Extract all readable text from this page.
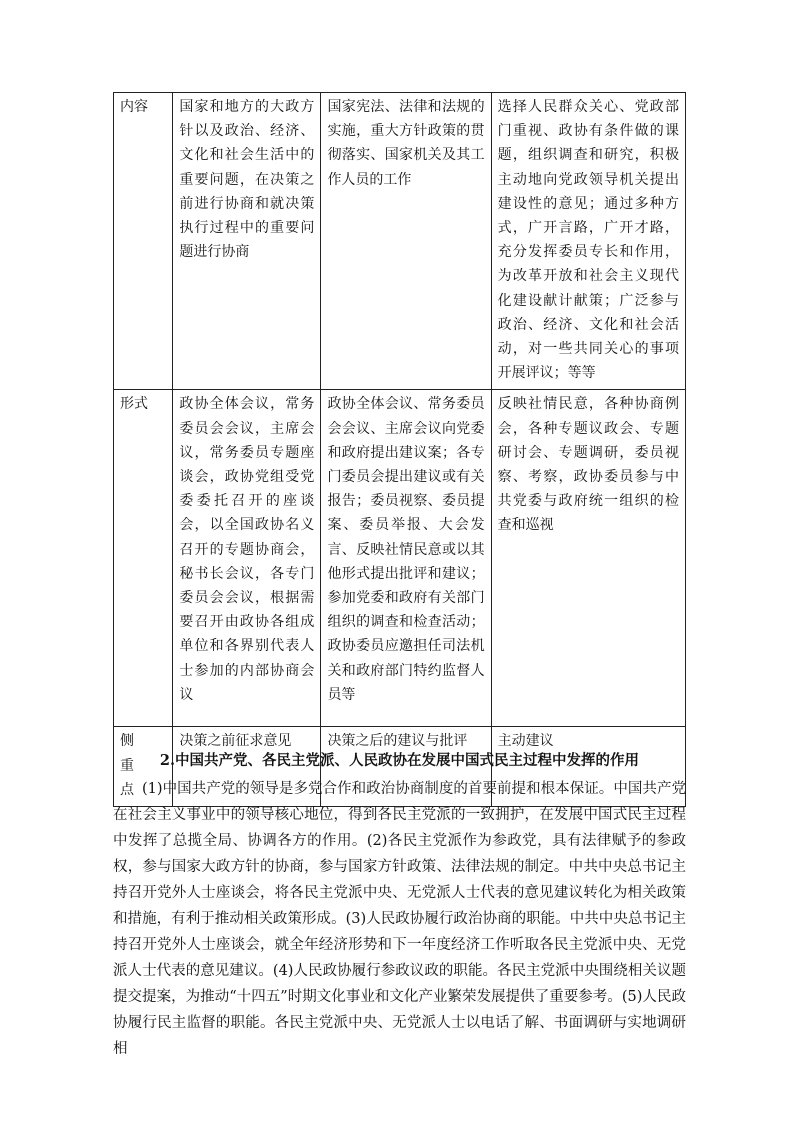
内容	国家和地方的大政方针以及政治、经济、文化和社会生活中的重要问题，在决策之前进行协商和就决策执行过程中的重要问题进行协商	国家宪法、法律和法规的实施，重大方针政策的贯彻落实、国家机关及其工作人员的工作	选择人民群众关心、党政部门重视、政协有条件做的课题，组织调查和研究，积极主动地向党政领导机关提出建设性的意见；通过多种方式，广开言路，广开才路，充分发挥委员专长和作用，为改革开放和社会主义现代化建设献计献策；广泛参与政治、经济、文化和社会活动，对一些共同关心的事项开展评议；等等
形式	政协全体会议，常务委员会会议，主席会议，常务委员专题座谈会，政协党组受党委委托召开的座谈会，以全国政协名义召开的专题协商会，秘书长会议，各专门委员会会议，根据需要召开由政协各组成单位和各界别代表人士参加的内部协商会议	政协全体会议、常务委员会会议、主席会议向党委和政府提出建议案；各专门委员会提出建议或有关报告；委员视察、委员提案、委员举报、大会发言、反映社情民意或以其他形式提出批评和建议；参加党委和政府有关部门组织的调查和检查活动；政协委员应邀担任司法机关和政府部门特约监督人员等	反映社情民意，各种协商例会，各种专题议政会、专题研讨会、专题调研，委员视察、考察，政协委员参与中共党委与政府统一组织的检查和巡视
侧重点	决策之前征求意见	决策之后的建议与批评	主动建议
2.中国共产党、各民主党派、人民政协在发展中国式民主过程中发挥的作用

(1)中国共产党的领导是多党合作和政治协商制度的首要前提和根本保证。中国共产党在社会主义事业中的领导核心地位，得到各民主党派的一致拥护，在发展中国式民主过程中发挥了总揽全局、协调各方的作用。(2)各民主党派作为参政党，具有法律赋予的参政权，参与国家大政方针的协商，参与国家方针政策、法律法规的制定。中共中央总书记主持召开党外人士座谈会，将各民主党派中央、无党派人士代表的意见建议转化为相关政策和措施，有利于推动相关政策形成。(3)人民政协履行政治协商的职能。中共中央总书记主持召开党外人士座谈会，就全年经济形势和下一年度经济工作听取各民主党派中央、无党派人士代表的意见建议。(4)人民政协履行参政议政的职能。各民主党派中央围绕相关议题提交提案，为推动“十四五”时期文化事业和文化产业繁荣发展提供了重要参考。(5)人民政协履行民主监督的职能。各民主党派中央、无党派人士以电话了解、书面调研与实地调研相
